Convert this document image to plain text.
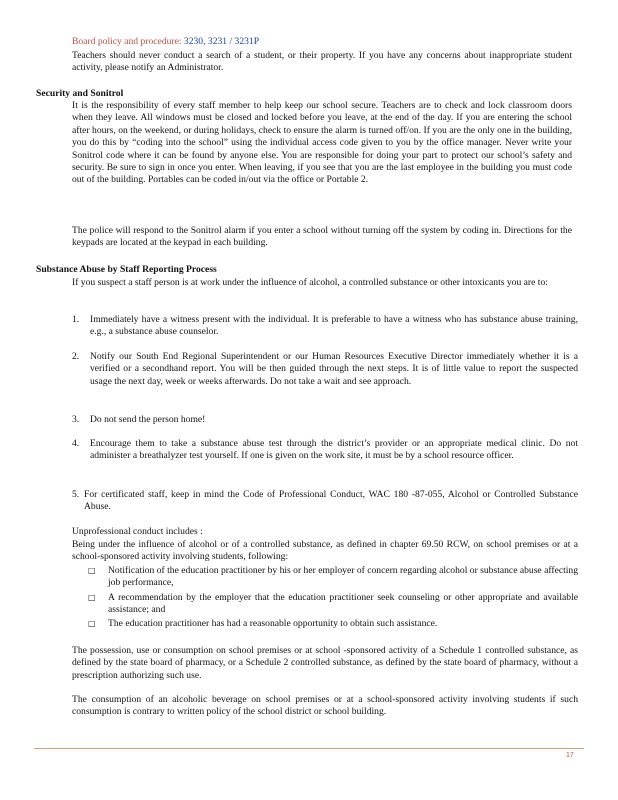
Board policy and procedure: 3230, 3231 / 3231P
Teachers should never conduct a search of a student, or their property. If you have any concerns about inappropriate student activity, please notify an Administrator.
Security and Sonitrol
It is the responsibility of every staff member to help keep our school secure. Teachers are to check and lock classroom doors when they leave. All windows must be closed and locked before you leave, at the end of the day. If you are entering the school after hours, on the weekend, or during holidays, check to ensure the alarm is turned off/on. If you are the only one in the building, you do this by “coding into the school” using the individual access code given to you by the office manager. Never write your Sonitrol code where it can be found by anyone else. You are responsible for doing your part to protect our school’s safety and security. Be sure to sign in once you enter. When leaving, if you see that you are the last employee in the building you must code out of the building. Portables can be coded in/out via the office or Portable 2.
The police will respond to the Sonitrol alarm if you enter a school without turning off the system by coding in. Directions for the keypads are located at the keypad in each building.
Substance Abuse by Staff Reporting Process
If you suspect a staff person is at work under the influence of alcohol, a controlled substance or other intoxicants you are to:
1.	Immediately have a witness present with the individual. It is preferable to have a witness who has substance abuse training, e.g., a substance abuse counselor.
2.	Notify our South End Regional Superintendent or our Human Resources Executive Director immediately whether it is a verified or a secondhand report. You will be then guided through the next steps. It is of little value to report the suspected usage the next day, week or weeks afterwards. Do not take a wait and see approach.
3.	Do not send the person home!
4.	Encourage them to take a substance abuse test through the district’s provider or an appropriate medical clinic. Do not administer a breathalyzer test yourself. If one is given on the work site, it must be by a school resource officer.
5. For certificated staff, keep in mind the Code of Professional Conduct, WAC 180 -87-055, Alcohol or Controlled Substance Abuse.
Unprofessional conduct includes :
Being under the influence of alcohol or of a controlled substance, as defined in chapter 69.50 RCW, on school premises or at a school-sponsored activity involving students, following:
□ Notification of the education practitioner by his or her employer of concern regarding alcohol or substance abuse affecting job performance,
□ A recommendation by the employer that the education practitioner seek counseling or other appropriate and available assistance; and
□ The education practitioner has had a reasonable opportunity to obtain such assistance.
The possession, use or consumption on school premises or at school -sponsored activity of a Schedule 1 controlled substance, as defined by the state board of pharmacy, or a Schedule 2 controlled substance, as defined by the state board of pharmacy, without a prescription authorizing such use.
The consumption of an alcoholic beverage on school premises or at a school-sponsored activity involving students if such consumption is contrary to written policy of the school district or school building.
17
